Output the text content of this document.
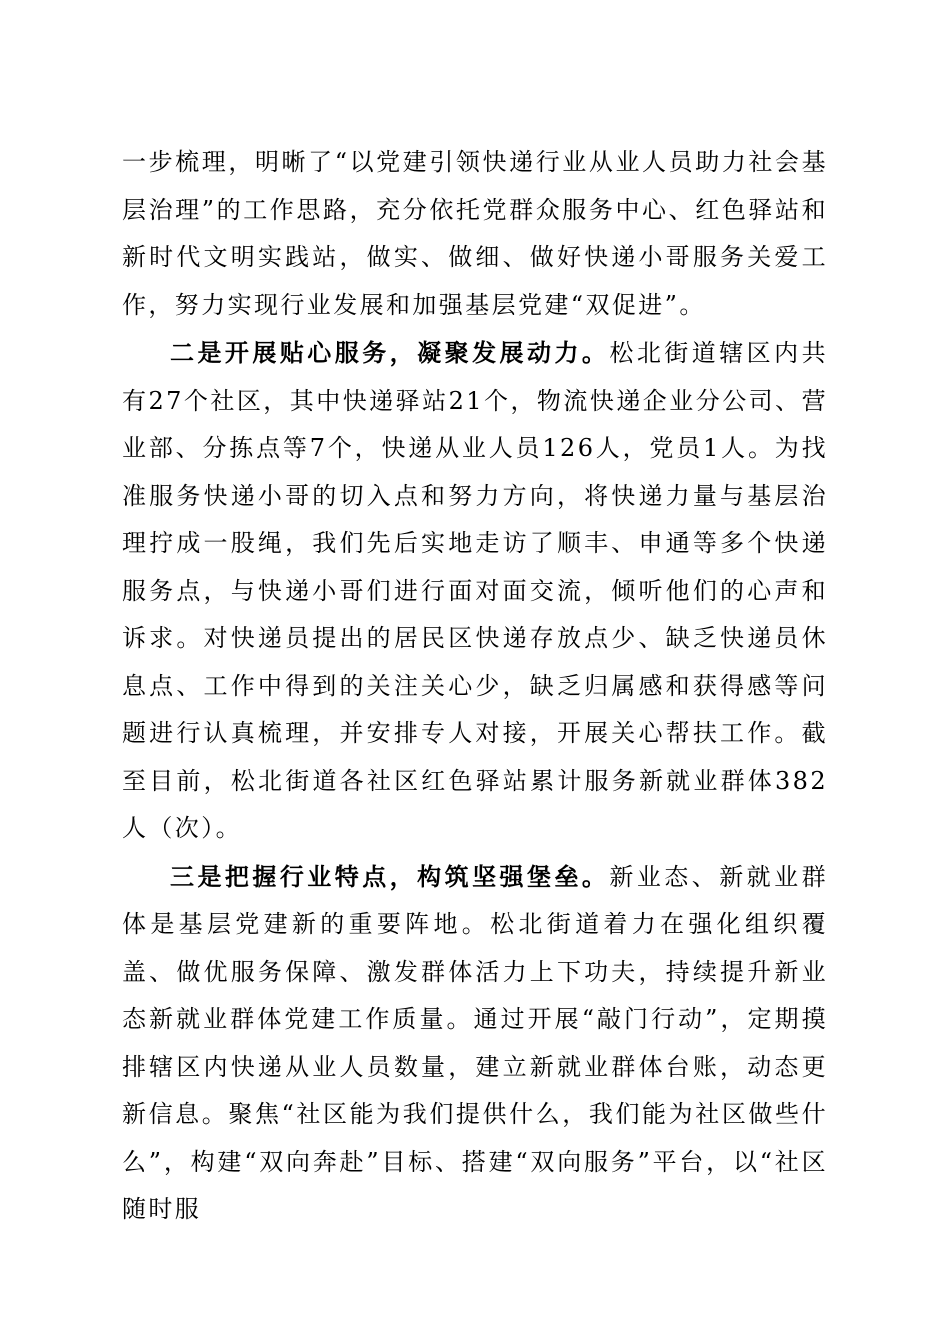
一步梳理，明晰了“以党建引领快递行业从业人员助力社会基层治理”的工作思路，充分依托党群众服务中心、红色驿站和新时代文明实践站，做实、做细、做好快递小哥服务关爱工作，努力实现行业发展和加强基层党建“双促进”。

二是开展贴心服务，凝聚发展动力。松北街道辖区内共有27个社区，其中快递驿站21个，物流快递企业分公司、营业部、分拣点等7个，快递从业人员126人，党员1人。为找准服务快递小哥的切入点和努力方向，将快递力量与基层治理拧成一股绳，我们先后实地走访了顺丰、申通等多个快递服务点，与快递小哥们进行面对面交流，倾听他们的心声和诉求。对快递员提出的居民区快递存放点少、缺乏快递员休息点、工作中得到的关注关心少，缺乏归属感和获得感等问题进行认真梳理，并安排专人对接，开展关心帮扶工作。截至目前，松北街道各社区红色驿站累计服务新就业群体382人（次）。

三是把握行业特点，构筑坚强堡垒。新业态、新就业群体是基层党建新的重要阵地。松北街道着力在强化组织覆盖、做优服务保障、激发群体活力上下功夫，持续提升新业态新就业群体党建工作质量。通过开展“敲门行动”，定期摸排辖区内快递从业人员数量，建立新就业群体台账，动态更新信息。聚焦“社区能为我们提供什么，我们能为社区做些什么”，构建“双向奔赴”目标、搭建“双向服务”平台，以“社区随时服
